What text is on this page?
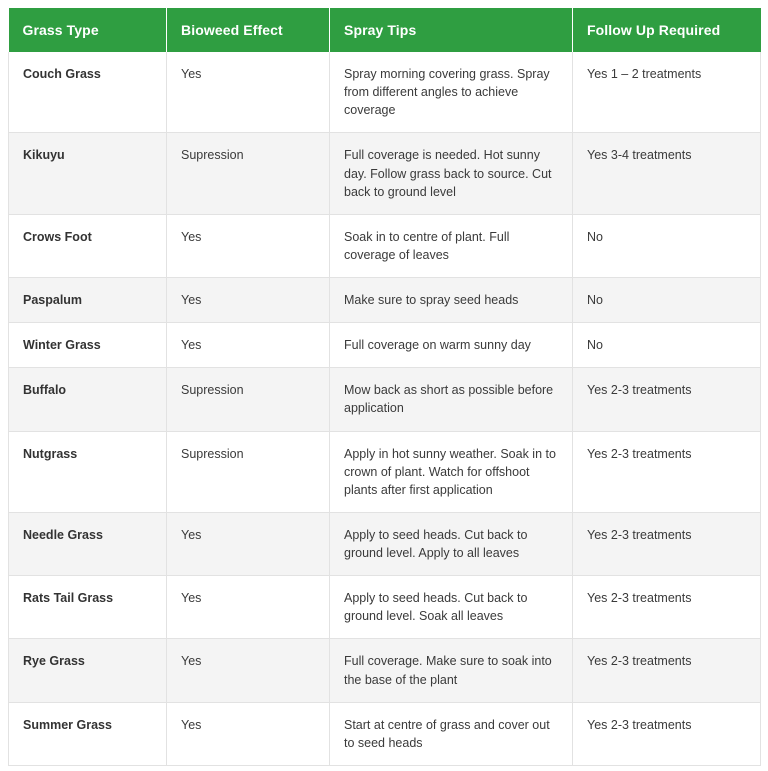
Grass Type	Bioweed Effect	Spray Tips	Follow Up Required
Couch Grass	Yes	Spray morning covering grass. Spray from different angles to achieve coverage	Yes 1 – 2 treatments
Kikuyu	Supression	Full coverage is needed. Hot sunny day. Follow grass back to source. Cut back to ground level	Yes 3-4 treatments
Crows Foot	Yes	Soak in to centre of plant. Full coverage of leaves	No
Paspalum	Yes	Make sure to spray seed heads	No
Winter Grass	Yes	Full coverage on warm sunny day	No
Buffalo	Supression	Mow back as short as possible before application	Yes 2-3 treatments
Nutgrass	Supression	Apply in hot sunny weather. Soak in to crown of plant. Watch for offshoot plants after first application	Yes 2-3 treatments
Needle Grass	Yes	Apply to seed heads. Cut back to ground level. Apply to all leaves	Yes 2-3 treatments
Rats Tail Grass	Yes	Apply to seed heads. Cut back to ground level. Soak all leaves	Yes 2-3 treatments
Rye Grass	Yes	Full coverage. Make sure to soak into the base of the plant	Yes 2-3 treatments
Summer Grass	Yes	Start at centre of grass and cover out to seed heads	Yes 2-3 treatments
